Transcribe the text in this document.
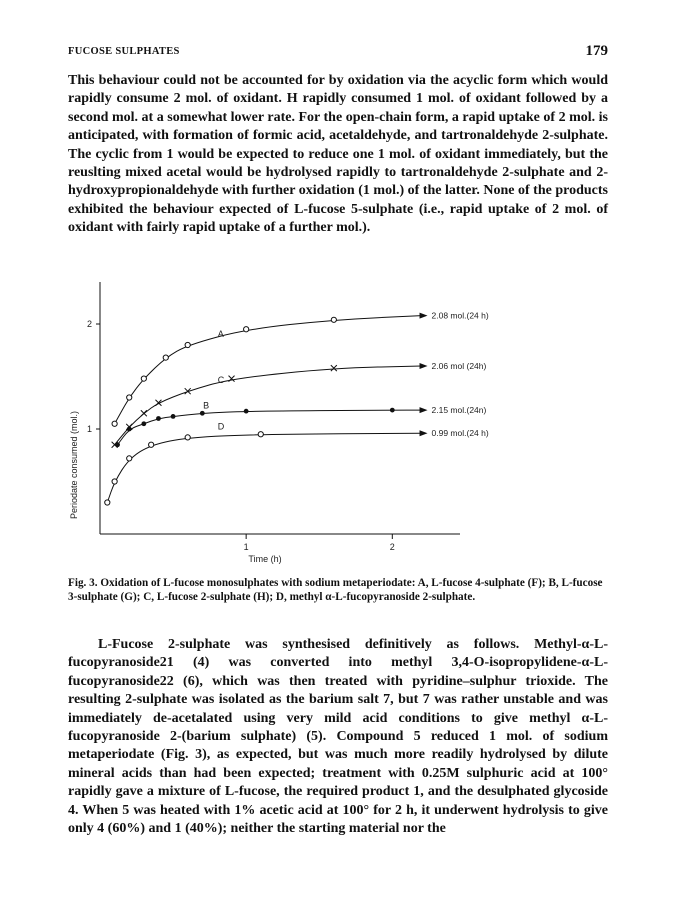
FUCOSE SULPHATES	179

This behaviour could not be accounted for by oxidation via the acyclic form which would rapidly consume 2 mol. of oxidant. H rapidly consumed 1 mol. of oxidant followed by a second mol. at a somewhat lower rate. For the open-chain form, a rapid uptake of 2 mol. is anticipated, with formation of formic acid, acetaldehyde, and tartronaldehyde 2-sulphate. The cyclic from 1 would be expected to reduce one 1 mol. of oxidant immediately, but the reuslting mixed acetal would be hydrolysed rapidly to tartronaldehyde 2-sulphate and 2-hydroxypropionaldehyde with further oxidation (1 mol.) of the latter. None of the products exhibited the behaviour expected of L-fucose 5-sulphate (i.e., rapid uptake of 2 mol. of oxidant with fairly rapid uptake of a further mol.).

1	2
1
2
A
2.08 mol.(24 h)
B	2.15 mol.(24n)
C
2.06 mol (24h)
D
0.99 mol.(24 h)
Periodate consumed (mol.)
Time (h)

Fig. 3. Oxidation of L-fucose monosulphates with sodium metaperiodate: A, L-fucose 4-sulphate (F); B, L-fucose 3-sulphate (G); C, L-fucose 2-sulphate (H); D, methyl α-L-fucopyranoside 2-sulphate.

L-Fucose 2-sulphate was synthesised definitively as follows. Methyl-α-L-fucopyranoside21 (4) was converted into methyl 3,4-O-isopropylidene-α-L-fucopyranoside22 (6), which was then treated with pyridine–sulphur trioxide. The resulting 2-sulphate was isolated as the barium salt 7, but 7 was rather unstable and was immediately de-acetalated using very mild acid conditions to give methyl α-L-fucopyranoside 2-(barium sulphate) (5). Compound 5 reduced 1 mol. of sodium metaperiodate (Fig. 3), as expected, but was much more readily hydrolysed by dilute mineral acids than had been expected; treatment with 0.25M sulphuric acid at 100° rapidly gave a mixture of L-fucose, the required product 1, and the desulphated glycoside 4. When 5 was heated with 1% acetic acid at 100° for 2 h, it underwent hydrolysis to give only 4 (60%) and 1 (40%); neither the starting material nor the
